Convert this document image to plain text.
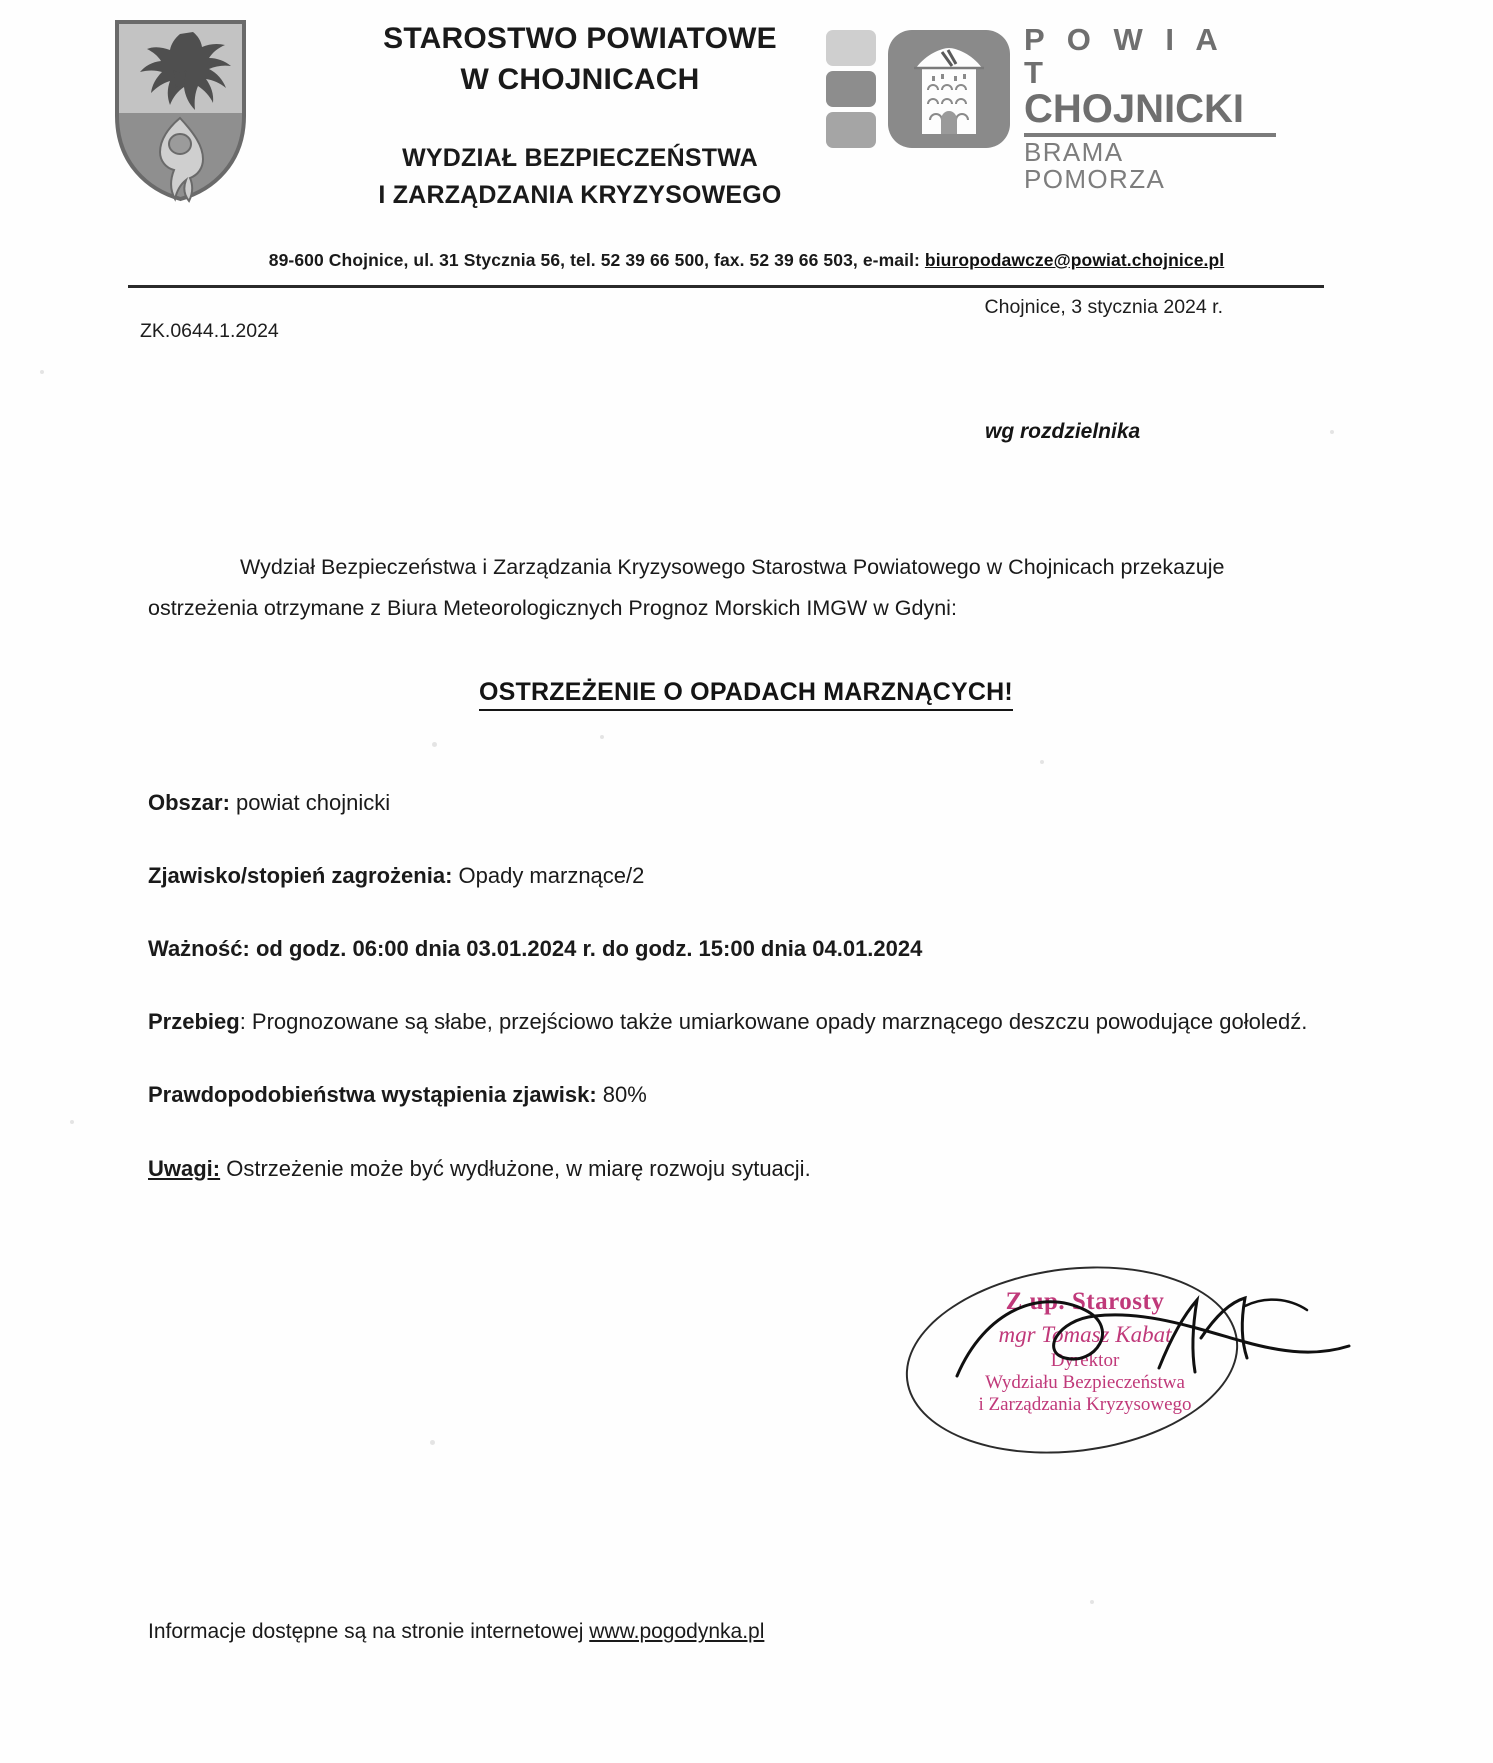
STAROSTWO POWIATOWE
W CHOJNICACH
WYDZIAŁ BEZPIECZEŃSTWA
I ZARZĄDZANIA KRYZYSOWEGO
P O W I A T
CHOJNICKI
BRAMA POMORZA
89-600 Chojnice, ul. 31 Stycznia 56, tel. 52 39 66 500, fax. 52 39 66 503, e-mail: biuropodawcze@powiat.chojnice.pl
Chojnice, 3 stycznia 2024 r.
ZK.0644.1.2024
wg rozdzielnika

Wydział Bezpieczeństwa i Zarządzania Kryzysowego Starostwa Powiatowego w Chojnicach przekazuje

ostrzeżenia otrzymane z Biura Meteorologicznych Prognoz Morskich IMGW w Gdyni:

OSTRZEŻENIE O OPADACH MARZNĄCYCH!

Obszar: powiat chojnicki

Zjawisko/stopień zagrożenia: Opady marznące/2

Ważność: od godz. 06:00 dnia 03.01.2024 r. do godz. 15:00 dnia 04.01.2024

Przebieg: Prognozowane są słabe, przejściowo także umiarkowane opady marznącego deszczu powodujące gołoledź.

Prawdopodobieństwa wystąpienia zjawisk: 80%

Uwagi: Ostrzeżenie może być wydłużone, w miarę rozwoju sytuacji.

Z up. Starosty
mgr Tomasz Kabat
Dyrektor
Wydziału Bezpieczeństwa
i Zarządzania Kryzysowego
Informacje dostępne są na stronie internetowej www.pogodynka.pl
